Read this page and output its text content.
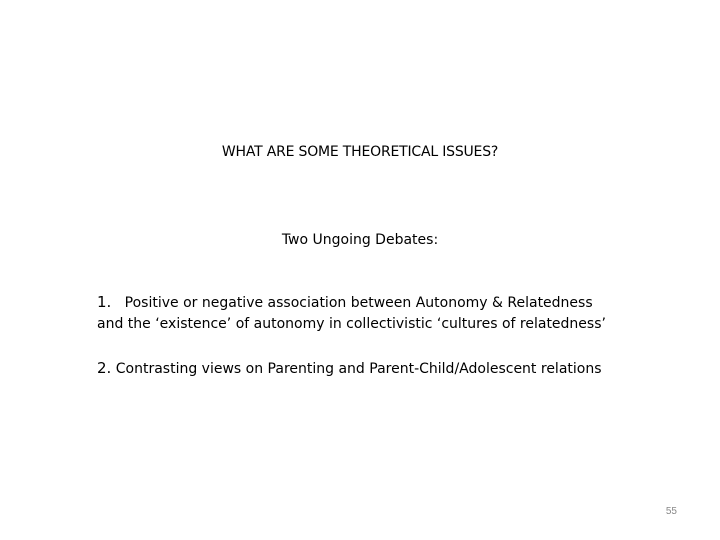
WHAT ARE SOME THEORETICAL ISSUES?
Two Ungoing Debates:
1. Positive or negative association between Autonomy & Relatedness
and the ‘existence’ of autonomy in collectivistic ‘cultures of relatedness’
2. Contrasting views on Parenting and Parent-Child/Adolescent relations
55
